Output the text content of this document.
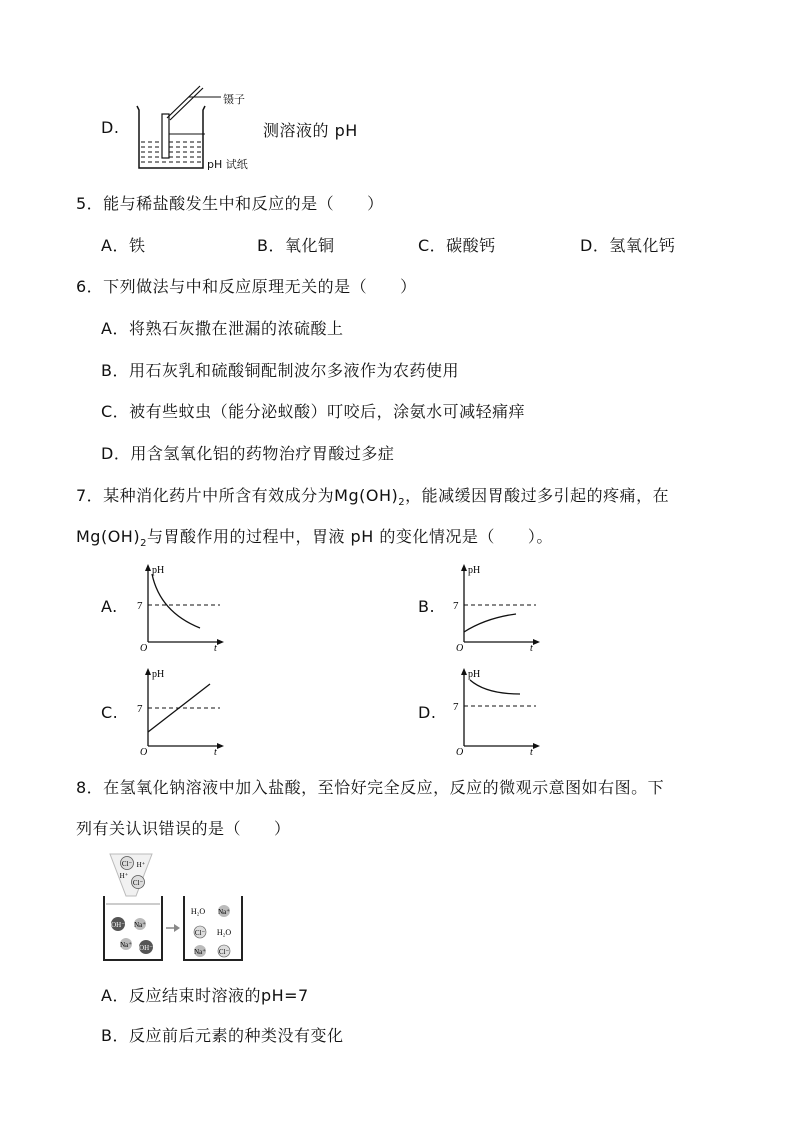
D.
镊子
pH 试纸
测溶液的 pH
5．能与稀盐酸发生中和反应的是（　　）
A．铁	B．氧化铜	C．碳酸钙	D．氢氧化钙
6．下列做法与中和反应原理无关的是（　　）
A．将熟石灰撒在泄漏的浓硫酸上
B．用石灰乳和硫酸铜配制波尔多液作为农药使用
C．被有些蚊虫（能分泌蚁酸）叮咬后，涂氨水可减轻痛痒
D．用含氢氧化铝的药物治疗胃酸过多症
7．某种消化药片中所含有效成分为$Mg(OH)_2$，能减缓因胃酸过多引起的疼痛，在
$Mg(OH)_2$与胃酸作用的过程中，胃液 pH 的变化情况是（　　）。
A.	B.
C.	D.
pH
7
O	t
pH
7
O	t
pH
7
O	t
pH
7
O	t
8．在氢氧化钠溶液中加入盐酸，至恰好完全反应，反应的微观示意图如右图。下
列有关认识错误的是（　　）
Cl⁻ H⁺
H⁺
Cl⁻
OH⁻ Na⁺
Na⁺ OH⁻
H₂O Na⁺
Cl⁻ H₂O
Na⁺ Cl⁻
A．反应结束时溶液的pH=7
B．反应前后元素的种类没有变化
